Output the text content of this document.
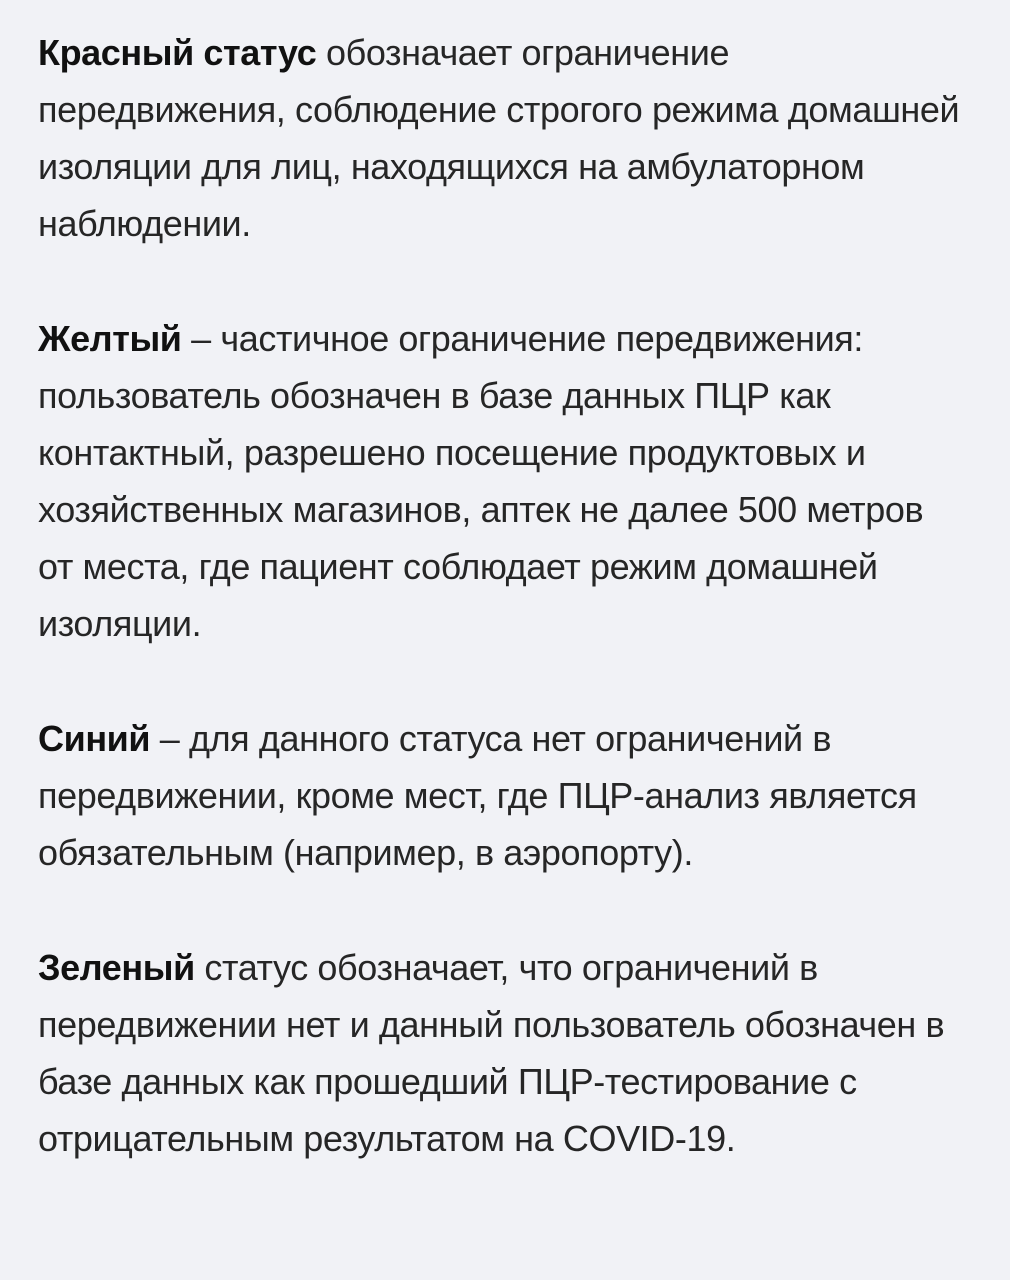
Красный статус обозначает ограничение передвижения, соблюдение строгого режима домашней изоляции для лиц, находящихся на амбулаторном наблюдении.

Желтый – частичное ограничение передвижения: пользователь обозначен в базе данных ПЦР как контактный, разрешено посещение продуктовых и хозяйственных магазинов, аптек не далее 500 метров от места, где пациент соблюдает режим домашней изоляции.

Синий – для данного статуса нет ограничений в передвижении, кроме мест, где ПЦР-анализ является обязательным (например, в аэропорту).

Зеленый статус обозначает, что ограничений в передвижении нет и данный пользователь обозначен в базе данных как прошедший ПЦР-тестирование с отрицательным результатом на COVID-19.
